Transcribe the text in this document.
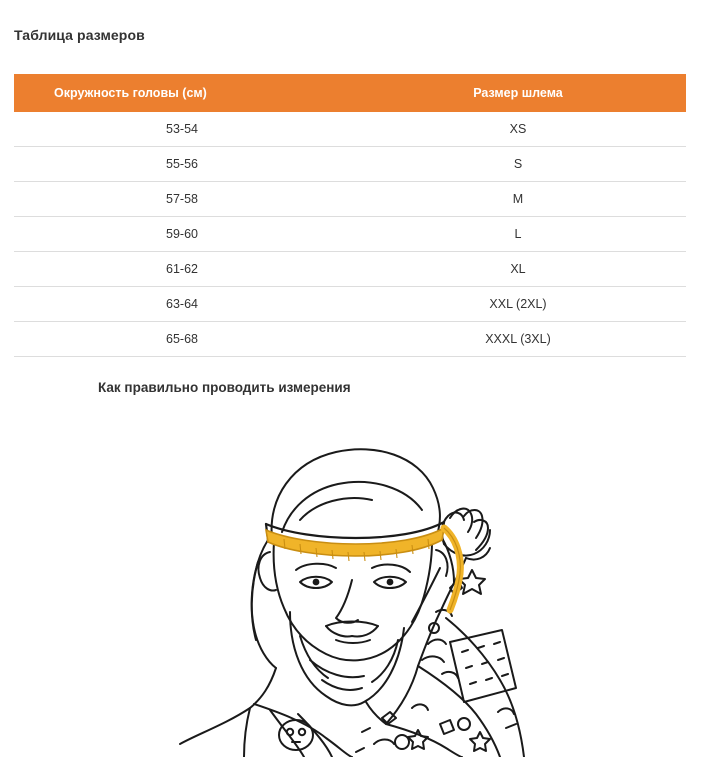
Таблица размеров
Окружность головы (см)	Размер шлема
53-54	XS
55-56	S
57-58	M
59-60	L
61-62	XL
63-64	XXL (2XL)
65-68	XXXL (3XL)
Как правильно проводить измерения
